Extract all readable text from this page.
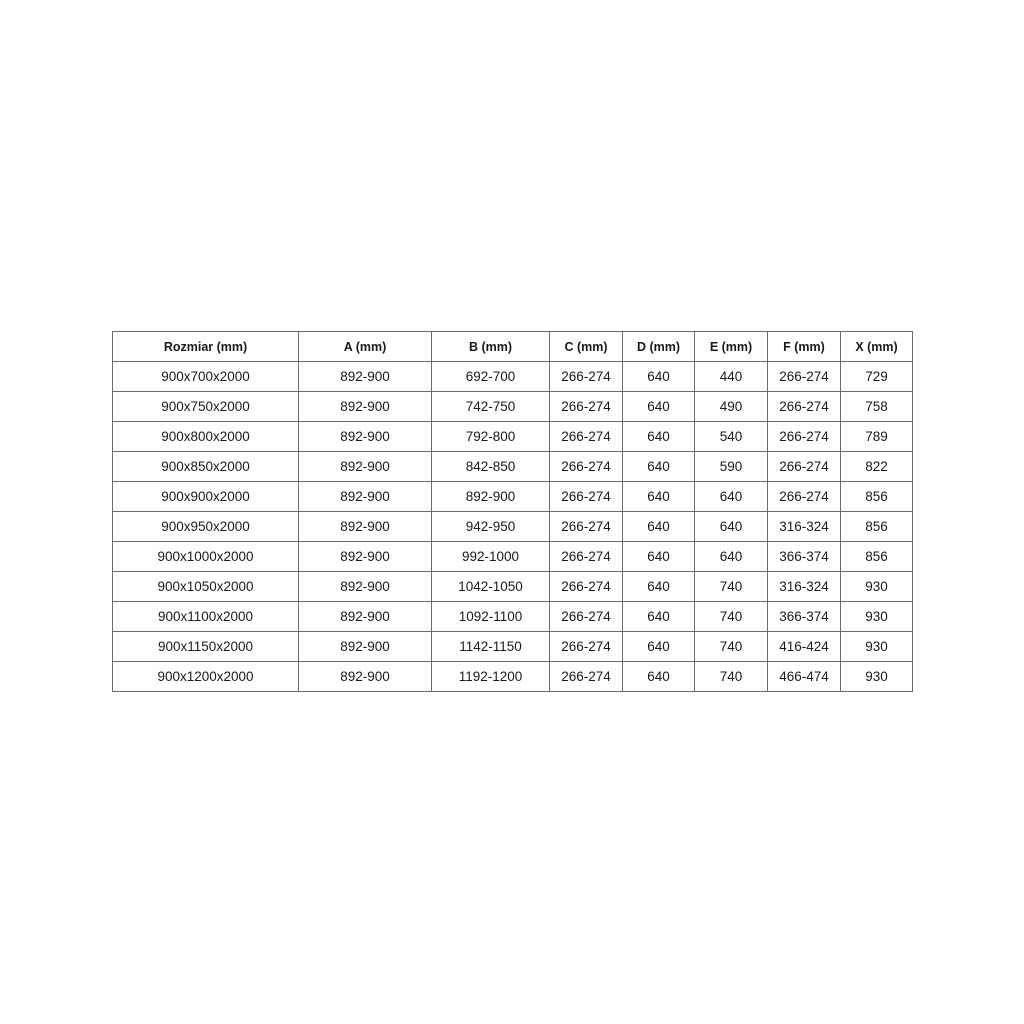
Rozmiar (mm)	A (mm)	B (mm)	C (mm)	D (mm)	E (mm)	F (mm)	X (mm)
900x700x2000	892-900	692-700	266-274	640	440	266-274	729
900x750x2000	892-900	742-750	266-274	640	490	266-274	758
900x800x2000	892-900	792-800	266-274	640	540	266-274	789
900x850x2000	892-900	842-850	266-274	640	590	266-274	822
900x900x2000	892-900	892-900	266-274	640	640	266-274	856
900x950x2000	892-900	942-950	266-274	640	640	316-324	856
900x1000x2000	892-900	992-1000	266-274	640	640	366-374	856
900x1050x2000	892-900	1042-1050	266-274	640	740	316-324	930
900x1100x2000	892-900	1092-1100	266-274	640	740	366-374	930
900x1150x2000	892-900	1142-1150	266-274	640	740	416-424	930
900x1200x2000	892-900	1192-1200	266-274	640	740	466-474	930
